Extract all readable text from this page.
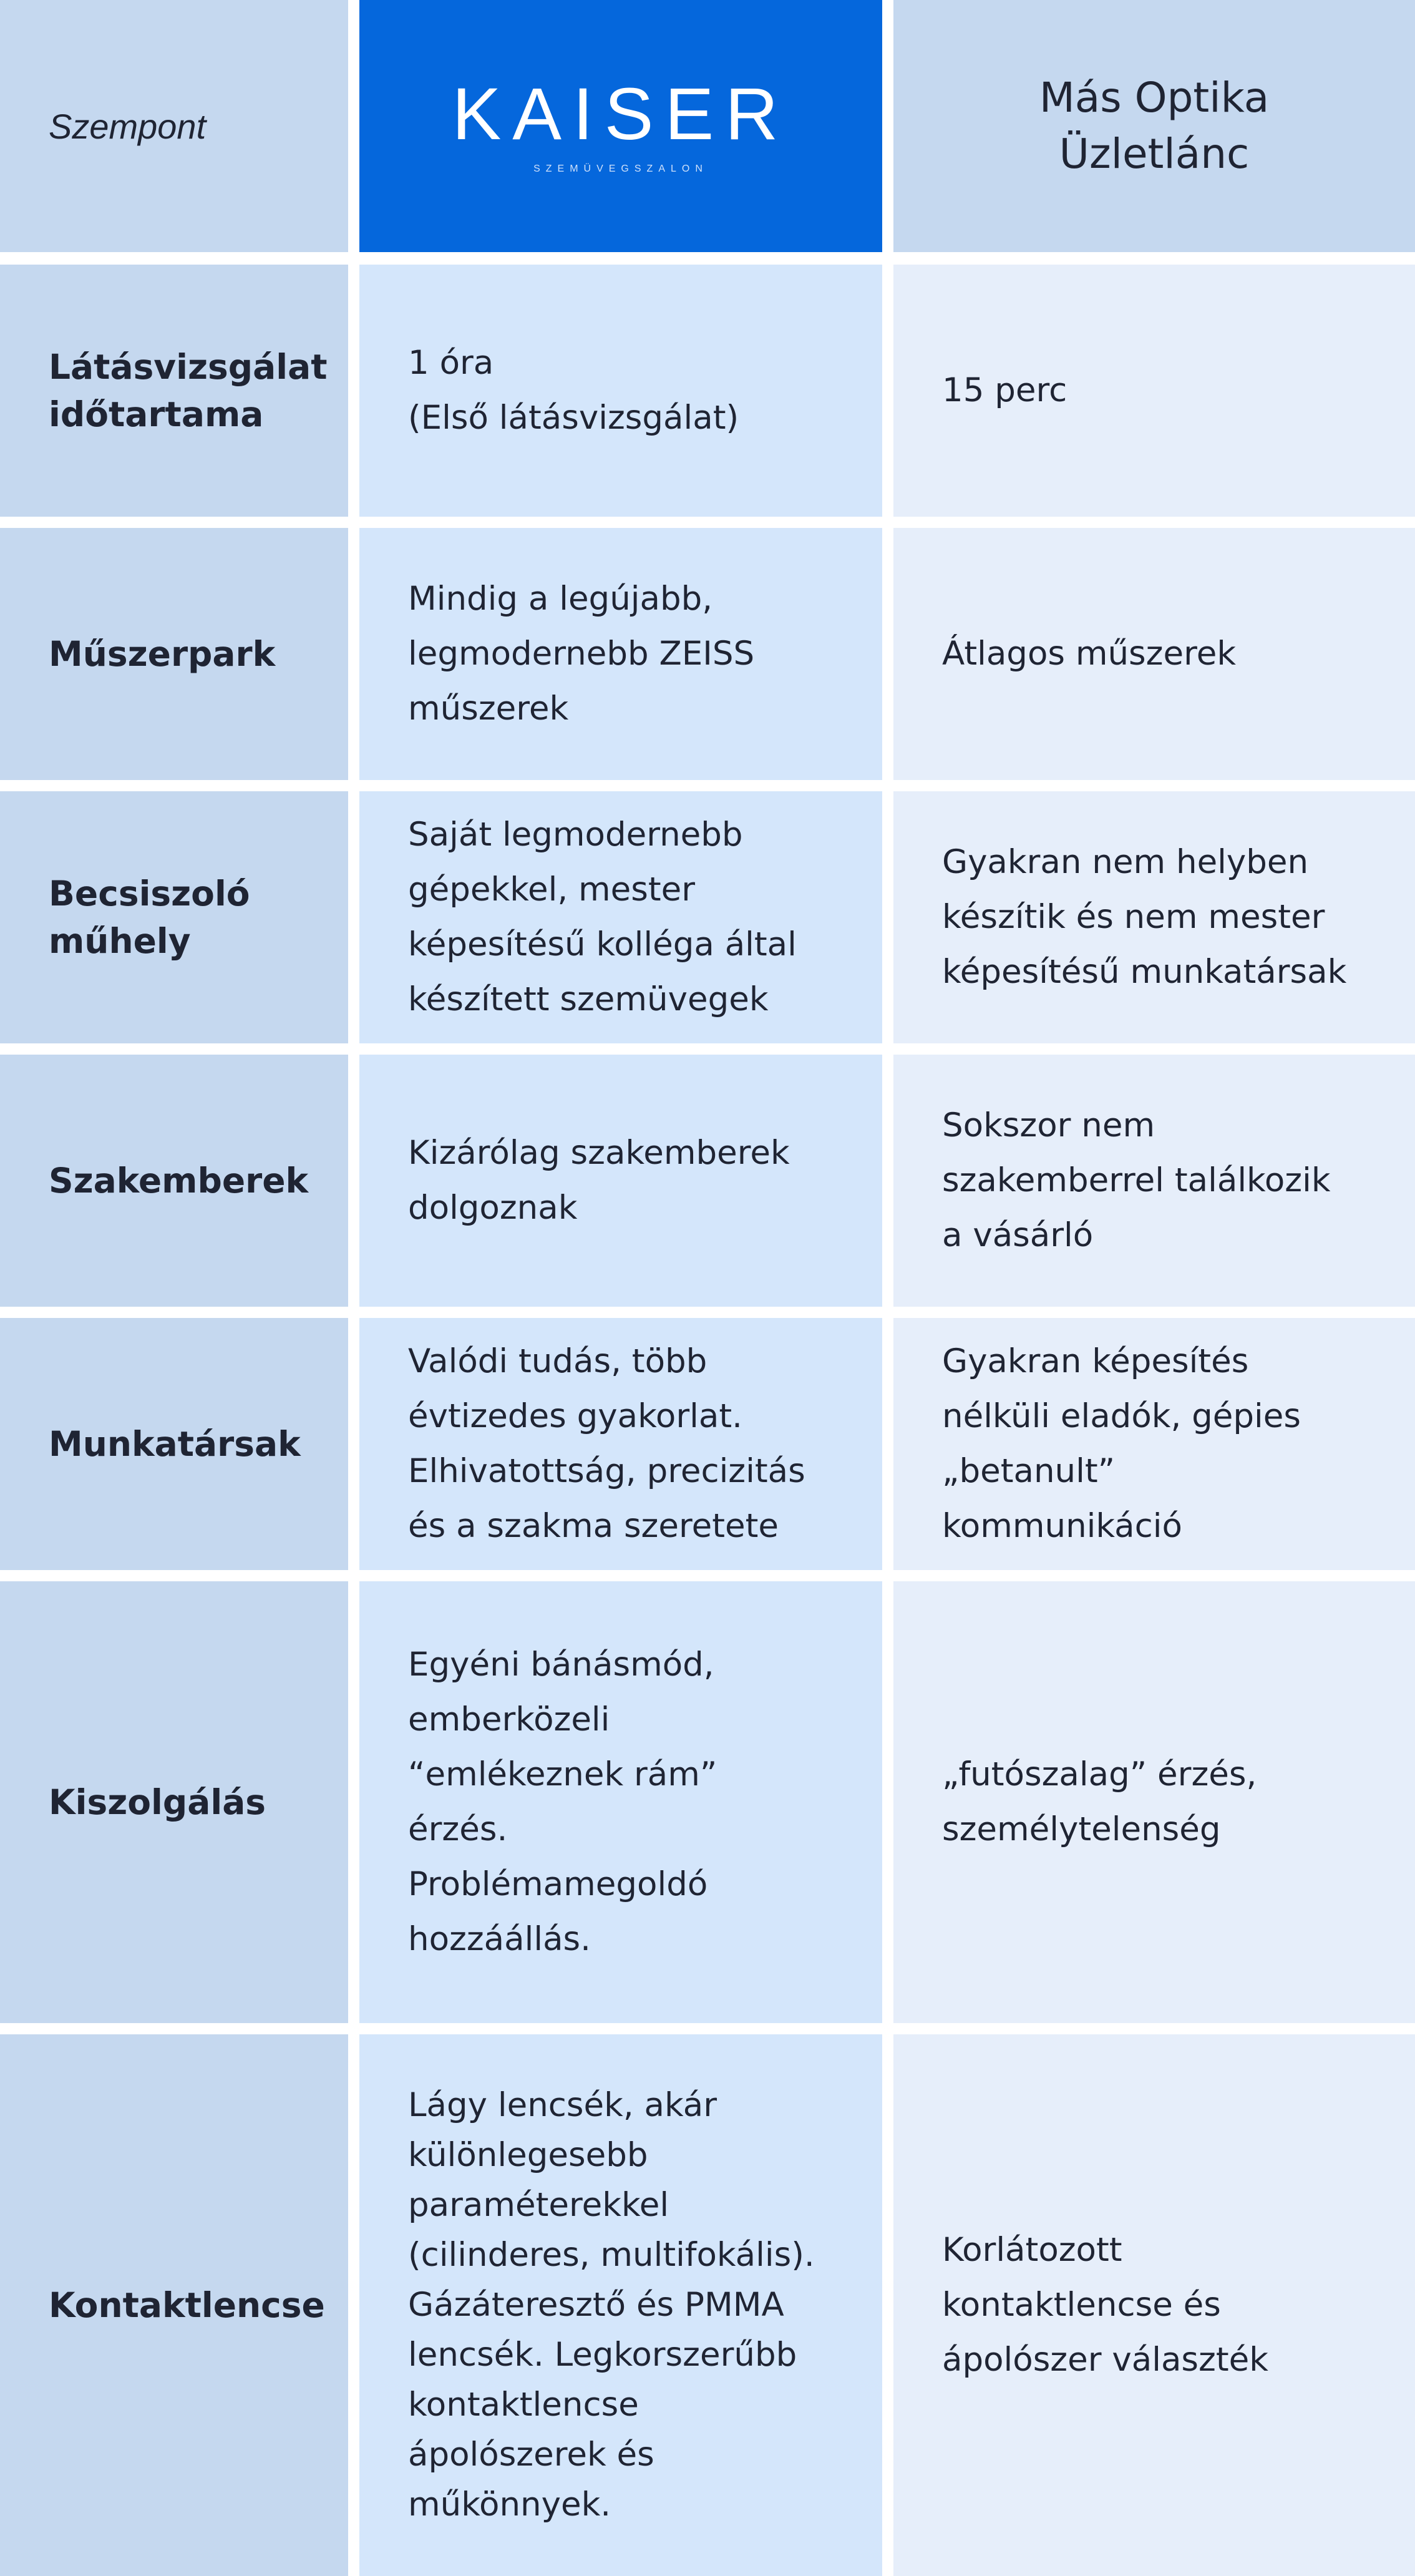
Szempont	KAISER
SZEMÜVEGSZALON
Más Optika
Üzletlánc
Látásvizsgálat
időtartama
1 óra
(Első látásvizsgálat)
15 perc
Műszerpark
Mindig a legújabb,
legmodernebb ZEISS
műszerek
Átlagos műszerek
Becsiszoló
műhely
Saját legmodernebb
gépekkel, mester
képesítésű kolléga által
készített szemüvegek
Gyakran nem helyben
készítik és nem mester
képesítésű munkatársak
Szakemberek
Kizárólag szakemberek
dolgoznak
Sokszor nem
szakemberrel találkozik
a vásárló
Munkatársak
Valódi tudás, több
évtizedes gyakorlat.
Elhivatottság, precizitás
és a szakma szeretete
Gyakran képesítés
nélküli eladók, gépies
„betanult”
kommunikáció
Kiszolgálás
Egyéni bánásmód,
emberközeli
“emlékeznek rám”
érzés.
Problémamegoldó
hozzáállás.
„futószalag” érzés,
személytelenség
Kontaktlencse
Lágy lencsék, akár
különlegesebb
paraméterekkel
(cilinderes, multifokális).
Gázáteresztő és PMMA
lencsék. Legkorszerűbb
kontaktlencse
ápolószerek és
műkönnyek.
Korlátozott
kontaktlencse és
ápolószer választék
